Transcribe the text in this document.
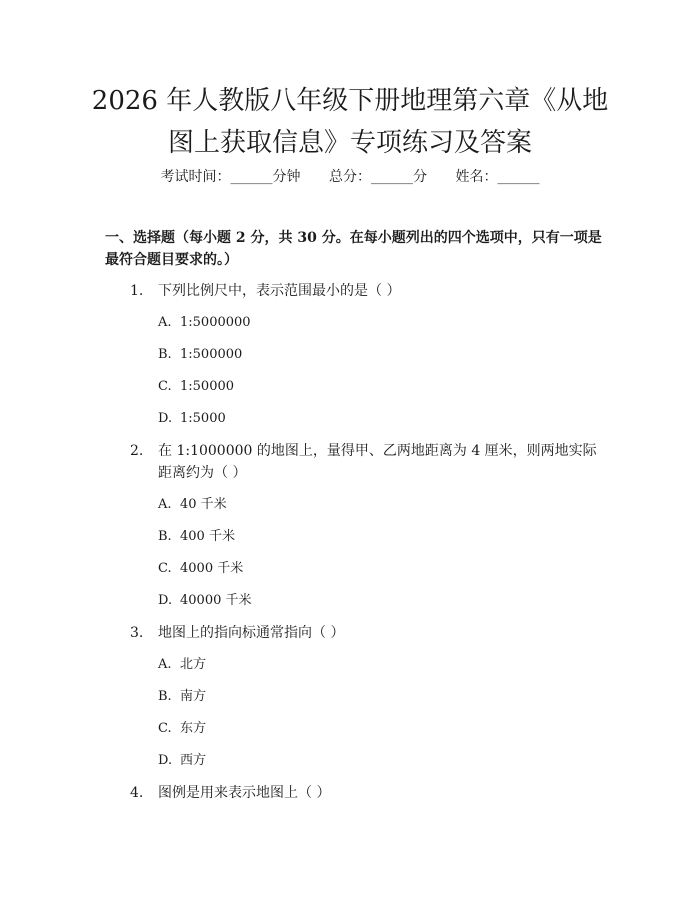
2026 年人教版八年级下册地理第六章《从地
图上获取信息》专项练习及答案
考试时间：______分钟 总分：______分 姓名：______

一、选择题（每小题 2 分，共 30 分。在每小题列出的四个选项中，只有一项是最符合题目要求的。）

1. 下列比例尺中，表示范围最小的是（ ）
A. 1:5000000
B. 1:500000
C. 1:50000
D. 1:5000
2. 在 1:1000000 的地图上，量得甲、乙两地距离为 4 厘米，则两地实际距离约为（ ）
A. 40 千米
B. 400 千米
C. 4000 千米
D. 40000 千米
3. 地图上的指向标通常指向（ ）
A. 北方
B. 南方
C. 东方
D. 西方
4. 图例是用来表示地图上（ ）
